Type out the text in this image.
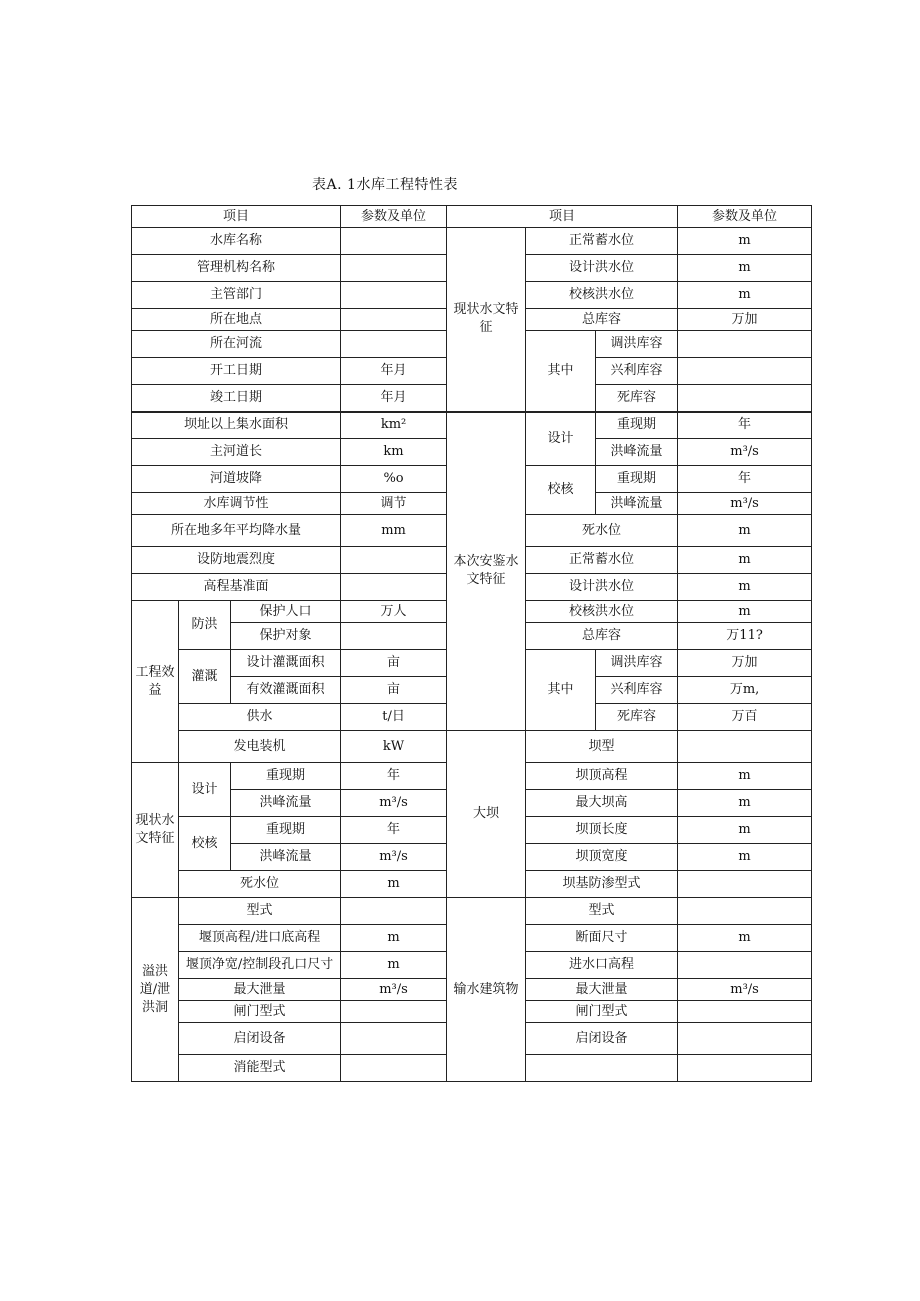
表A. 1水库工程特性表
项目			参数及单位	项目			参数及单位
水库名称				现状水文特征	正常蓄水位		m
管理机构名称					设计洪水位		m
主管部门					校核洪水位		m
所在地点					总库容		万加
所在河流					其中	调洪库容	
开工日期			年月			兴利库容	
竣工日期			年月			死库容	
坝址以上集水面积			km²	本次安鉴水文特征	设计	重现期	年
主河道长			km			洪峰流量	m³/s
河道坡降			%o		校核	重现期	年
水库调节性			调节			洪峰流量	m³/s
所在地多年平均降水量			mm		死水位		m
设防地震烈度					正常蓄水位		m
高程基准面					设计洪水位		m
工程效益	防洪	保护人口	万人		校核洪水位		m
		保护对象			总库容		万11?
	灌溉	设计灌溉面积	亩		其中	调洪库容	万加
		有效灌溉面积	亩			兴利库容	万m,
	供水		t/日			死库容	万百
	发电装机		kW	大坝	坝型		
现状水文特征	设计	重现期	年		坝顶高程		m
		洪峰流量	m³/s		最大坝高		m
	校核	重现期	年		坝顶长度		m
		洪峰流量	m³/s		坝顶宽度		m
	死水位		m		坝基防渗型式		
溢洪道/泄洪洞	型式			输水建筑物	型式		
	堰顶高程/进口底高程		m		断面尺寸		m
	堰顶净宽/控制段孔口尺寸		m		进水口高程		
	最大泄量		m³/s		最大泄量		m³/s
	闸门型式				闸门型式		
	启闭设备				启闭设备		
	消能型式						
